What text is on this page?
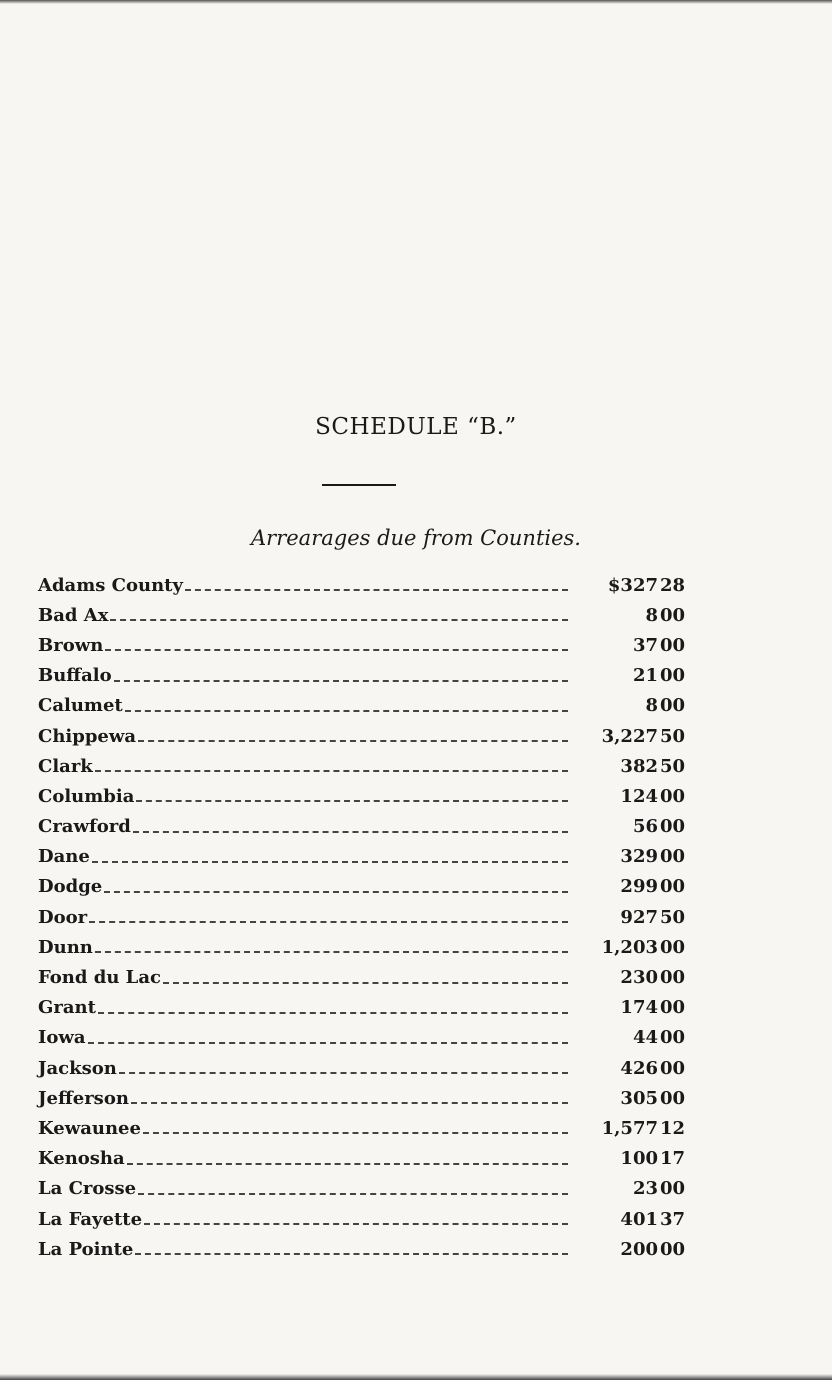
SCHEDULE “B.”
Arrearages due from Counties.
Adams County	$327 28
Bad Ax	8 00
Brown	37 00
Buffalo	21 00
Calumet	8 00
Chippewa	3,227 50
Clark	382 50
Columbia	124 00
Crawford	56 00
Dane	329 00
Dodge	299 00
Door	927 50
Dunn	1,203 00
Fond du Lac	230 00
Grant	174 00
Iowa	44 00
Jackson	426 00
Jefferson	305 00
Kewaunee	1,577 12
Kenosha	100 17
La Crosse	23 00
La Fayette	401 37
La Pointe	200 00
